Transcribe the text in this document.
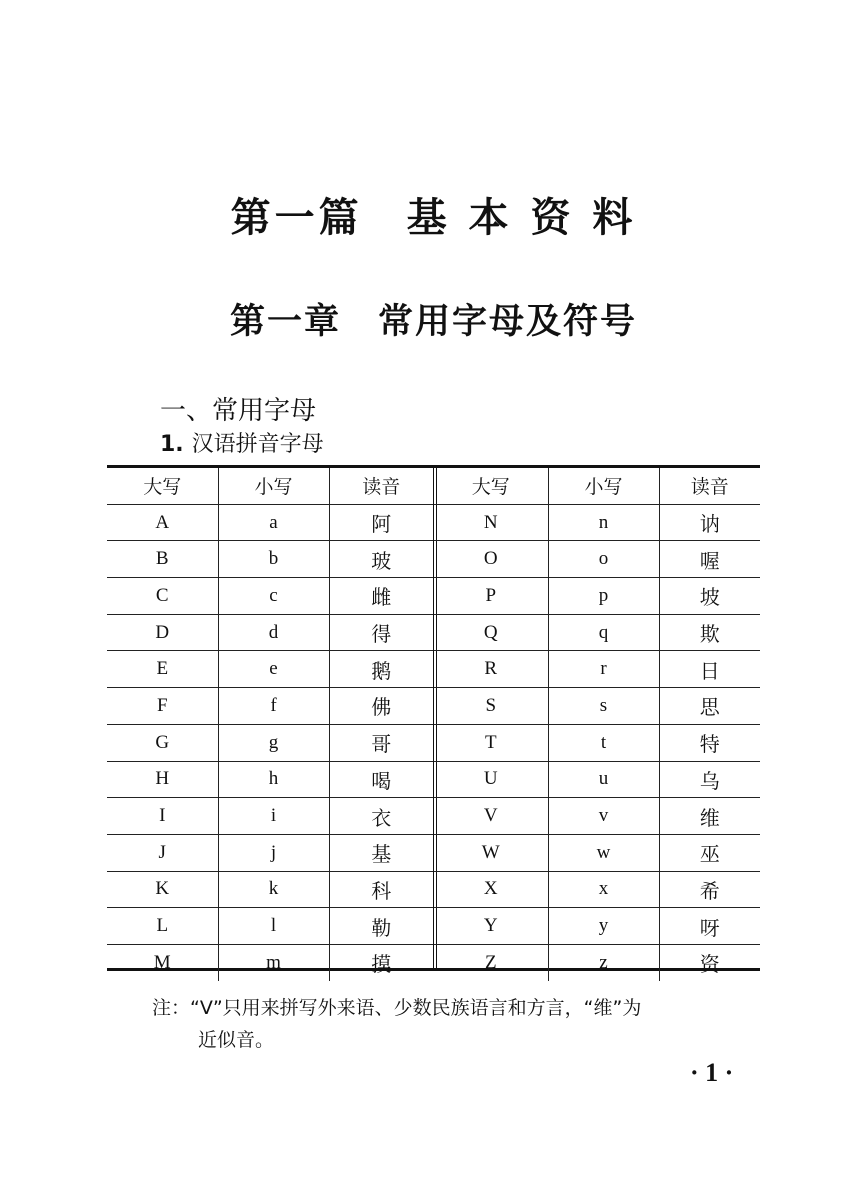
第一篇　基 本 资 料
第一章　常用字母及符号
一、常用字母
1. 汉语拼音字母
大写	小写	读音
A	a	阿
B	b	玻
C	c	雌
D	d	得
E	e	鹅
F	f	佛
G	g	哥
H	h	喝
I	i	衣
J	j	基
K	k	科
L	l	勒
M	m	摸
大写	小写	读音
N	n	讷
O	o	喔
P	p	坡
Q	q	欺
R	r	日
S	s	思
T	t	特
U	u	乌
V	v	维
W	w	巫
X	x	希
Y	y	呀
Z	z	资
注：“V”只用来拼写外来语、少数民族语言和方言，“维”为
近似音。
· 1 ·
